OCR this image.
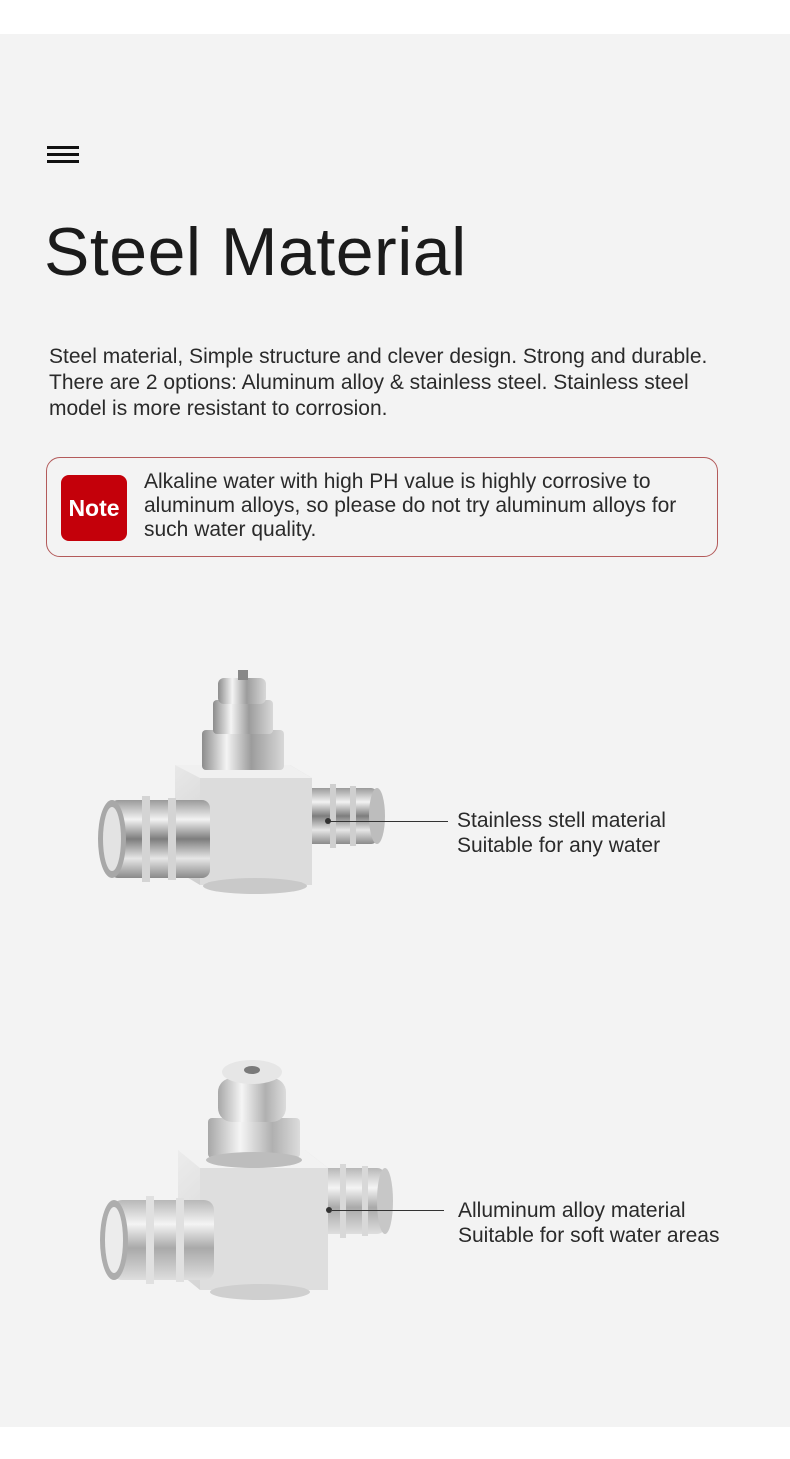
Steel Material

Steel material, Simple structure and clever design. Strong and durable. There are 2 options: Aluminum alloy & stainless steel. Stainless steel model is more resistant to corrosion.

Note

Alkaline water with high PH value is highly corrosive to aluminum alloys, so please do not try aluminum alloys for such water quality.

Stainless stell material
Suitable for any water

Alluminum alloy material
Suitable for soft water areas
